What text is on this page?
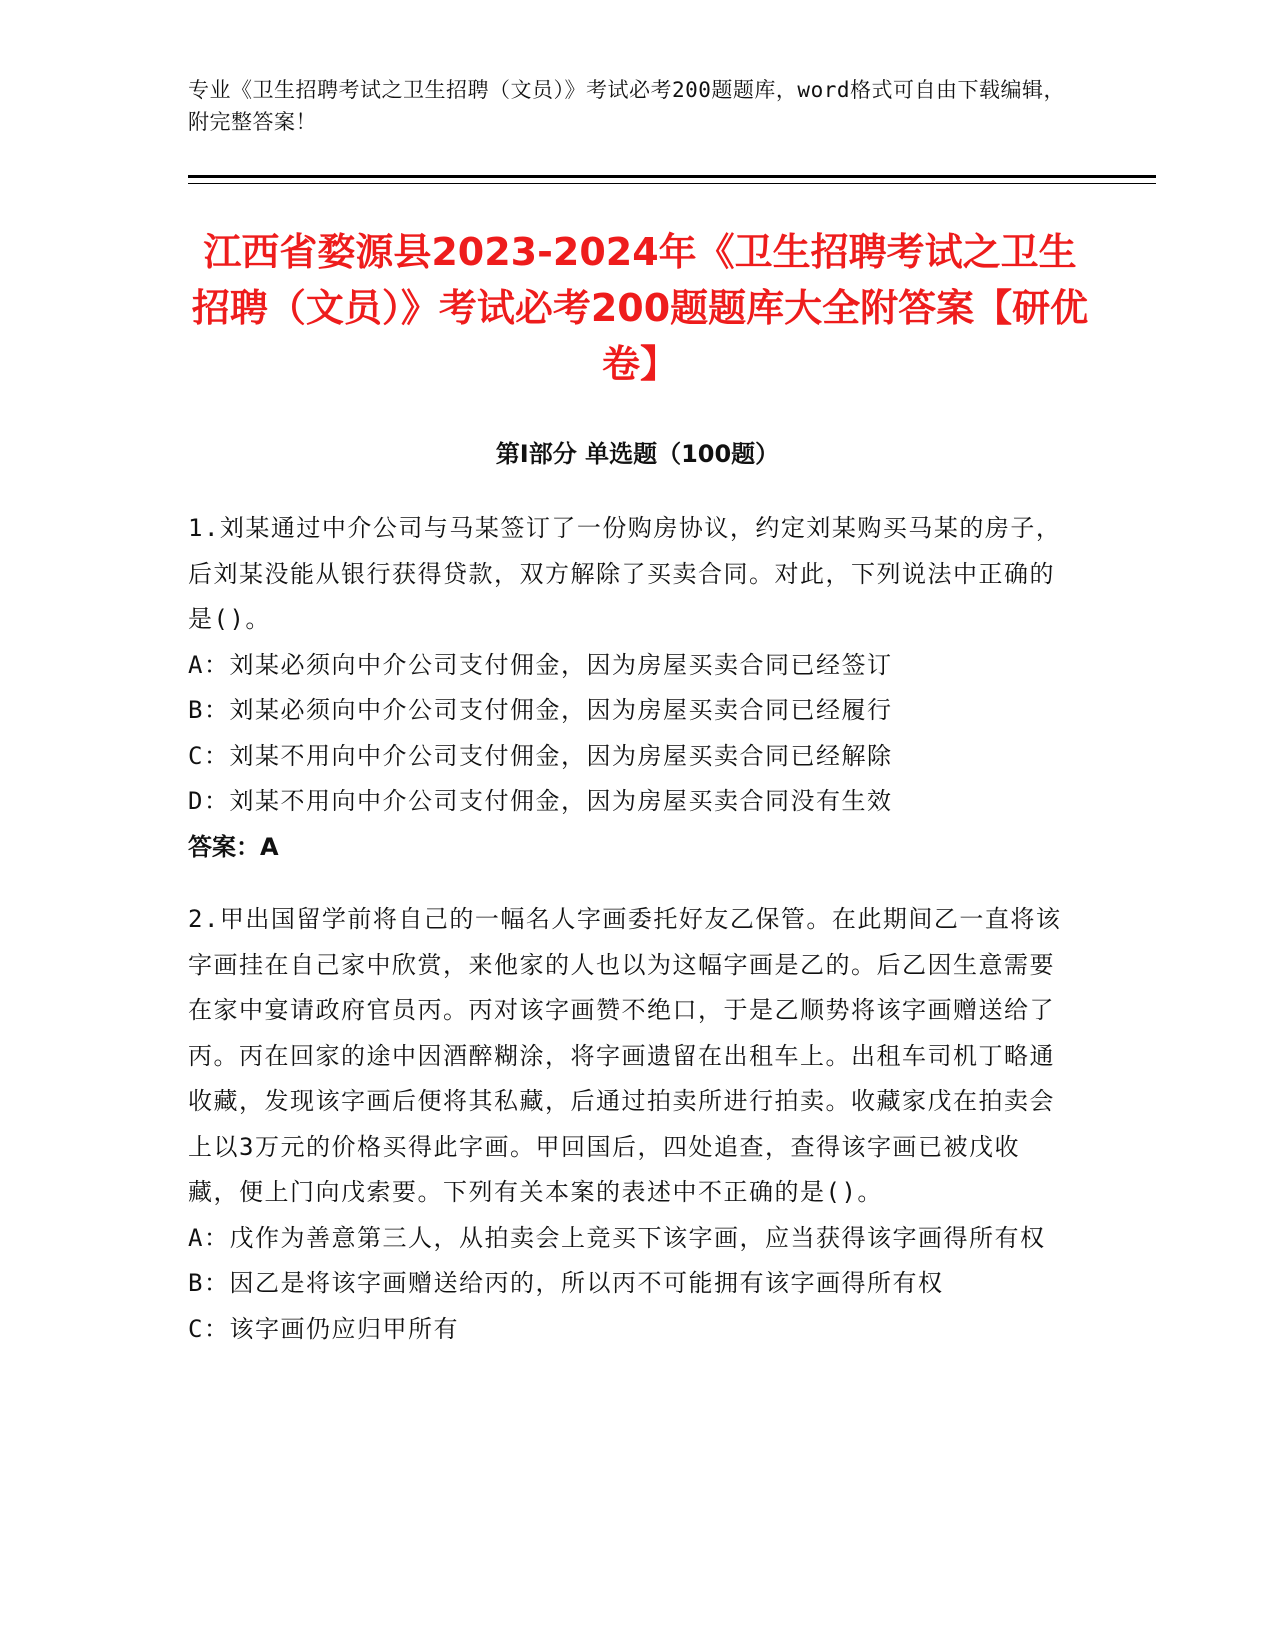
专业《卫生招聘考试之卫生招聘（文员）》考试必考200题题库，word格式可自由下载编辑，附完整答案！
江西省婺源县2023-2024年《卫生招聘考试之卫生招聘（文员）》考试必考200题题库大全附答案【研优卷】
第Ⅰ部分 单选题（100题）

1.刘某通过中介公司与马某签订了一份购房协议，约定刘某购买马某的房子，后刘某没能从银行获得贷款，双方解除了买卖合同。对此，下列说法中正确的是()。

A：刘某必须向中介公司支付佣金，因为房屋买卖合同已经签订

B：刘某必须向中介公司支付佣金，因为房屋买卖合同已经履行

C：刘某不用向中介公司支付佣金，因为房屋买卖合同已经解除

D：刘某不用向中介公司支付佣金，因为房屋买卖合同没有生效

答案：A

2.甲出国留学前将自己的一幅名人字画委托好友乙保管。在此期间乙一直将该字画挂在自己家中欣赏，来他家的人也以为这幅字画是乙的。后乙因生意需要在家中宴请政府官员丙。丙对该字画赞不绝口，于是乙顺势将该字画赠送给了丙。丙在回家的途中因酒醉糊涂，将字画遗留在出租车上。出租车司机丁略通收藏，发现该字画后便将其私藏，后通过拍卖所进行拍卖。收藏家戊在拍卖会上以3万元的价格买得此字画。甲回国后，四处追查，查得该字画已被戊收藏，便上门向戊索要。下列有关本案的表述中不正确的是()。

A：戊作为善意第三人，从拍卖会上竞买下该字画，应当获得该字画得所有权

B：因乙是将该字画赠送给丙的，所以丙不可能拥有该字画得所有权

C：该字画仍应归甲所有
